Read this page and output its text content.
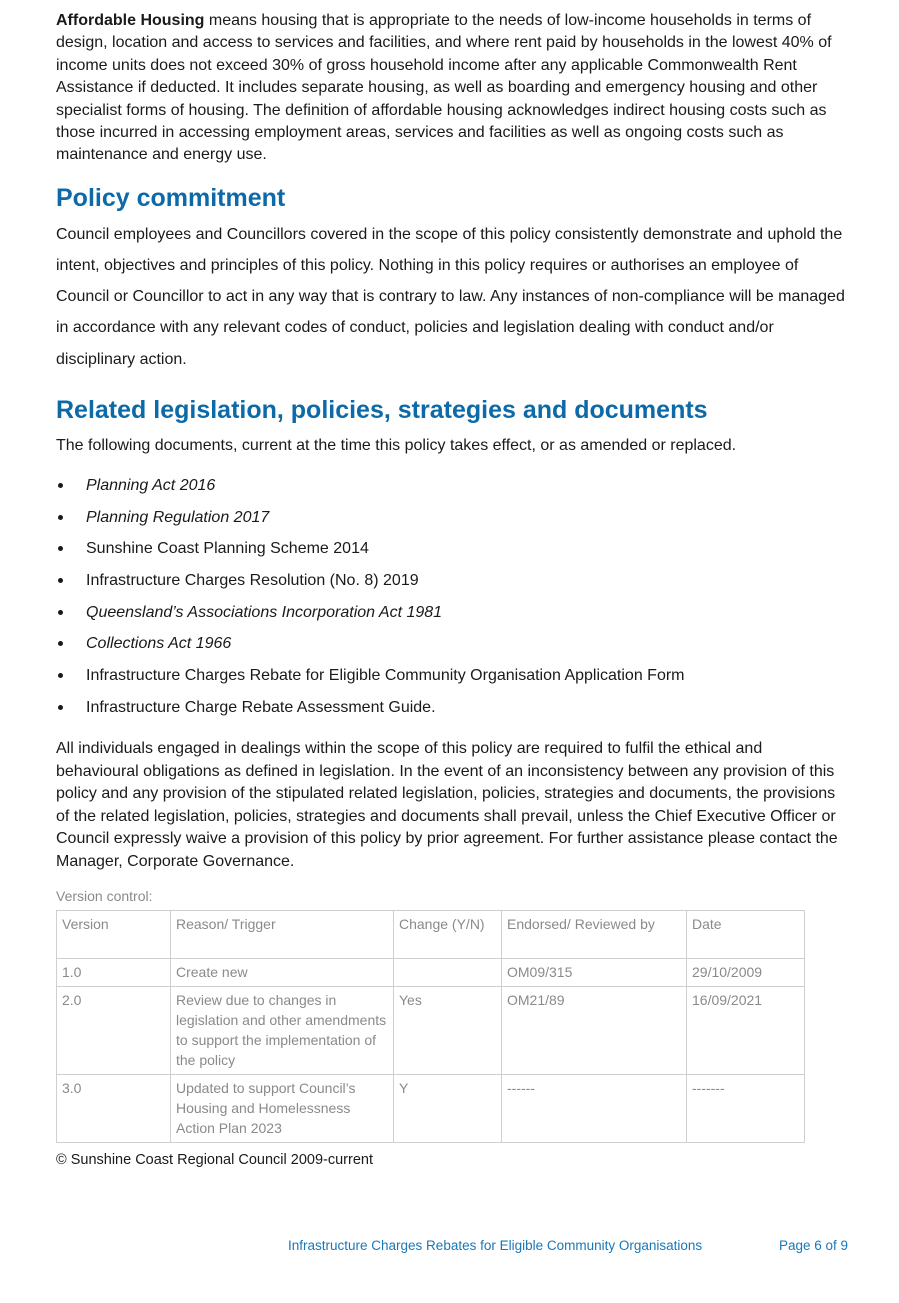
Affordable Housing means housing that is appropriate to the needs of low-income households in terms of design, location and access to services and facilities, and where rent paid by households in the lowest 40% of income units does not exceed 30% of gross household income after any applicable Commonwealth Rent Assistance if deducted. It includes separate housing, as well as boarding and emergency housing and other specialist forms of housing. The definition of affordable housing acknowledges indirect housing costs such as those incurred in accessing employment areas, services and facilities as well as ongoing costs such as maintenance and energy use.

Policy commitment

Council employees and Councillors covered in the scope of this policy consistently demonstrate and uphold the intent, objectives and principles of this policy. Nothing in this policy requires or authorises an employee of Council or Councillor to act in any way that is contrary to law. Any instances of non-compliance will be managed in accordance with any relevant codes of conduct, policies and legislation dealing with conduct and/or disciplinary action.

Related legislation, policies, strategies and documents

The following documents, current at the time this policy takes effect, or as amended or replaced.

Planning Act 2016
Planning Regulation 2017
Sunshine Coast Planning Scheme 2014
Infrastructure Charges Resolution (No. 8) 2019
Queensland’s Associations Incorporation Act 1981
Collections Act 1966
Infrastructure Charges Rebate for Eligible Community Organisation Application Form
Infrastructure Charge Rebate Assessment Guide.

All individuals engaged in dealings within the scope of this policy are required to fulfil the ethical and behavioural obligations as defined in legislation. In the event of an inconsistency between any provision of this policy and any provision of the stipulated related legislation, policies, strategies and documents, the provisions of the related legislation, policies, strategies and documents shall prevail, unless the Chief Executive Officer or Council expressly waive a provision of this policy by prior agreement. For further assistance please contact the Manager, Corporate Governance.

Version control:
Version	Reason/ Trigger	Change (Y/N)	Endorsed/ Reviewed by	Date
1.0	Create new		OM09/315	29/10/2009
2.0	Review due to changes in legislation and other amendments to support the implementation of the policy	Yes	OM21/89	16/09/2021
3.0	Updated to support Council’s Housing and Homelessness Action Plan 2023	Y	------	-------
© Sunshine Coast Regional Council 2009-current
Infrastructure Charges Rebates for Eligible Community Organisations	Page 6 of 9
